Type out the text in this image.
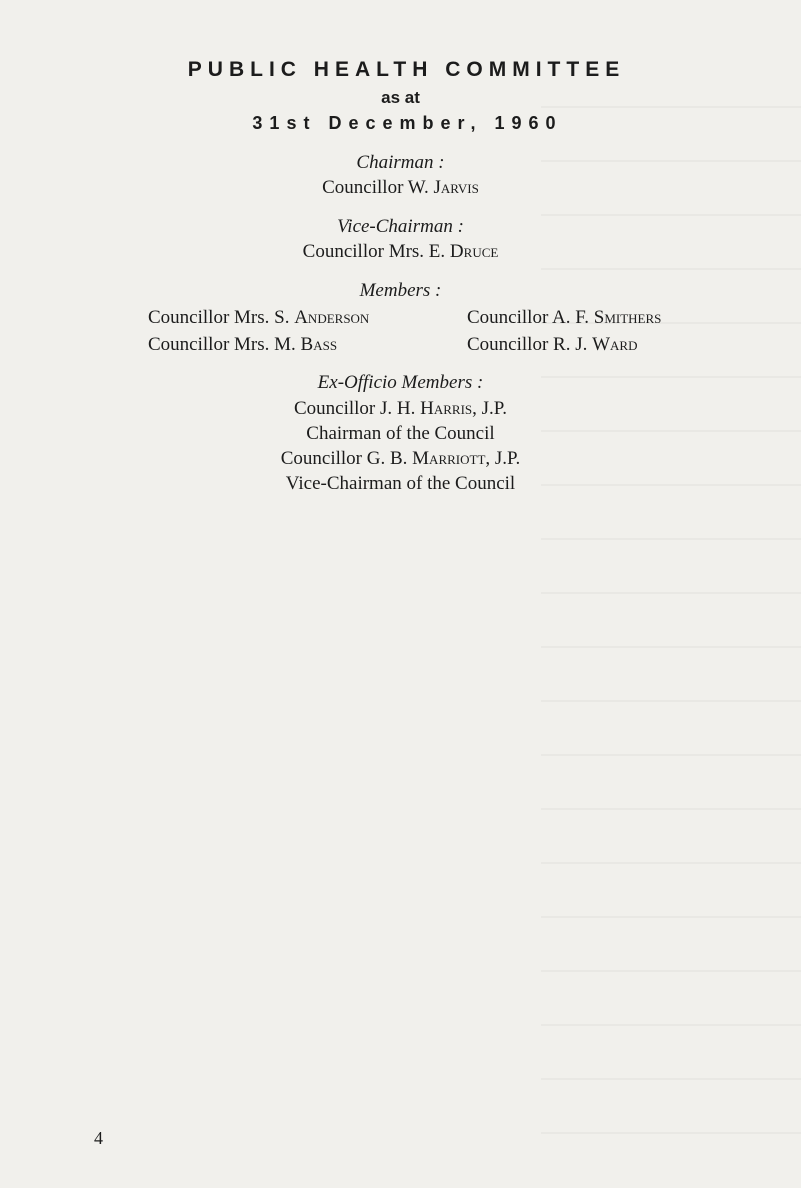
PUBLIC HEALTH COMMITTEE
as at
31st December, 1960
Chairman :
Councillor W. Jarvis
Vice-Chairman :
Councillor Mrs. E. Druce
Members :
Councillor Mrs. S. Anderson	Councillor A. F. Smithers
Councillor Mrs. M. Bass	Councillor R. J. Ward
Ex-Officio Members :
Councillor J. H. Harris, J.P.
Chairman of the Council
Councillor G. B. Marriott, J.P.
Vice-Chairman of the Council
4
